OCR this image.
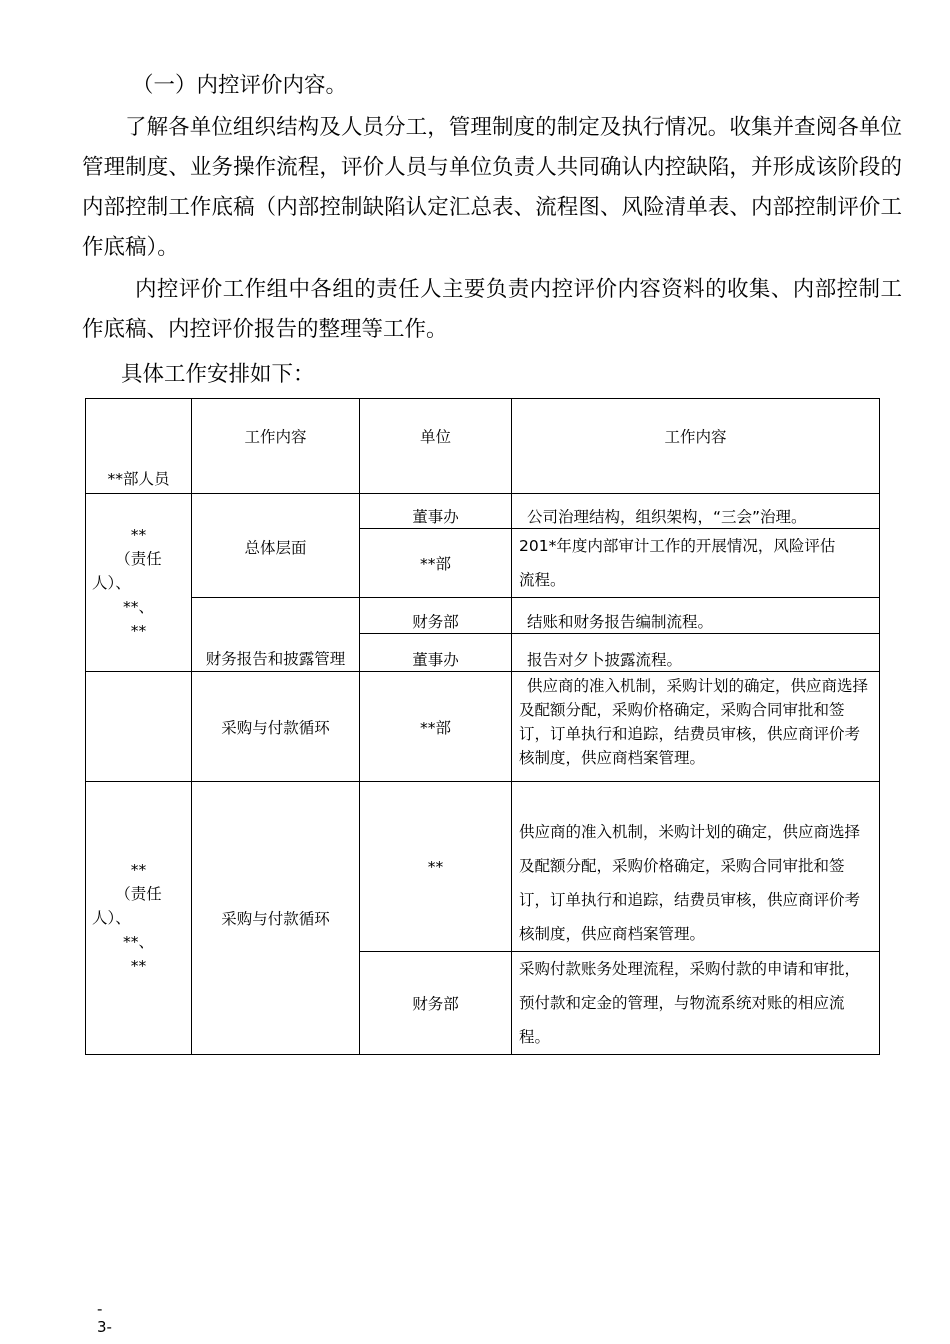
（一）内控评价内容。

了解各单位组织结构及人员分工，管理制度的制定及执行情况。收集并查阅各单位管理制度、业务操作流程，评价人员与单位负责人共同确认内控缺陷，并形成该阶段的内部控制工作底稿（内部控制缺陷认定汇总表、流程图、风险清单表、内部控制评价工作底稿）。

内控评价工作组中各组的责任人主要负责内控评价内容资料的收集、内部控制工作底稿、内控评价报告的整理等工作。

具体工作安排如下：

**部人员	工作内容	单位	工作内容

**
（责任
人）、
**、
**	总体层面	董事办	公司治理结构，组织架构，“三会”治理。

		**部	201*年度内部审计工作的开展情况，风险评估
流程。

	财务报告和披露管理	财务部	结账和财务报告编制流程。

		董事办	报告对夕卜披露流程。

	采购与付款循环	**部	供应商的准入机制，采购计划的确定，供应商选择及配额分配，采购价格确定，采购合同审批和签订，订单执行和追踪，结费员审核，供应商评价考核制度，供应商档案管理。

**
（责任
人）、
**、
**	采购与付款循环	**	供应商的准入机制，米购计划的确定，供应商选择及配额分配，采购价格确定，采购合同审批和签订，订单执行和追踪，结费员审核，供应商评价考核制度，供应商档案管理。
		财务部	采购付款账务处理流程，采购付款的申请和审批，预付款和定金的管理，与物流系统对账的相应流程。
-
3-
